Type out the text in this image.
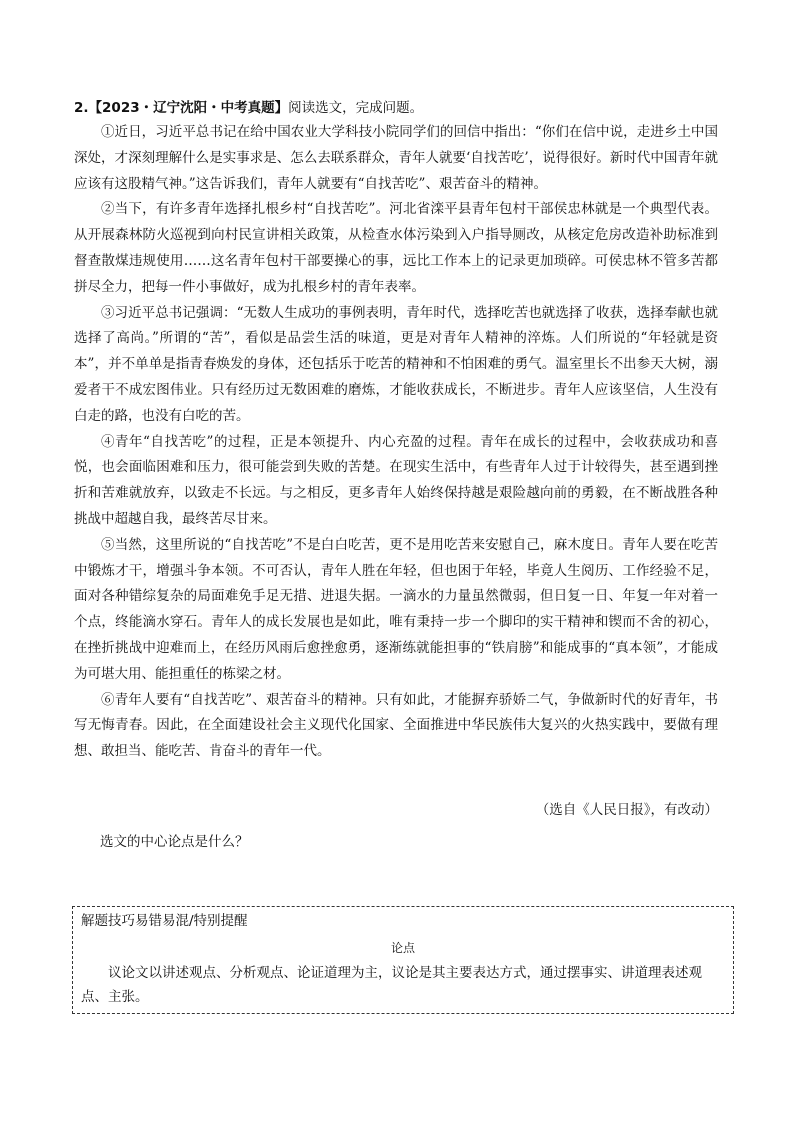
2.【2023・辽宁沈阳・中考真题】阅读选文，完成问题。

①近日，习近平总书记在给中国农业大学科技小院同学们的回信中指出：“你们在信中说，走进乡土中国深处，才深刻理解什么是实事求是、怎么去联系群众，青年人就要‘自找苦吃’，说得很好。新时代中国青年就应该有这股精气神。”这告诉我们，青年人就要有“自找苦吃”、艰苦奋斗的精神。

②当下，有许多青年选择扎根乡村“自找苦吃”。河北省滦平县青年包村干部侯忠林就是一个典型代表。从开展森林防火巡视到向村民宣讲相关政策，从检查水体污染到入户指导厕改，从核定危房改造补助标准到督查散煤违规使用……这名青年包村干部要操心的事，远比工作本上的记录更加琐碎。可侯忠林不管多苦都拼尽全力，把每一件小事做好，成为扎根乡村的青年表率。

③习近平总书记强调：“无数人生成功的事例表明，青年时代，选择吃苦也就选择了收获，选择奉献也就选择了高尚。”所谓的“苦”，看似是品尝生活的味道，更是对青年人精神的淬炼。人们所说的“年轻就是资本”，并不单单是指青春焕发的身体，还包括乐于吃苦的精神和不怕困难的勇气。温室里长不出参天大树，溺爱者干不成宏图伟业。只有经历过无数困难的磨炼，才能收获成长，不断进步。青年人应该坚信，人生没有白走的路，也没有白吃的苦。

④青年“自找苦吃”的过程，正是本领提升、内心充盈的过程。青年在成长的过程中，会收获成功和喜悦，也会面临困难和压力，很可能尝到失败的苦楚。在现实生活中，有些青年人过于计较得失，甚至遇到挫折和苦难就放弃，以致走不长远。与之相反，更多青年人始终保持越是艰险越向前的勇毅，在不断战胜各种挑战中超越自我，最终苦尽甘来。

⑤当然，这里所说的“自找苦吃”不是白白吃苦，更不是用吃苦来安慰自己，麻木度日。青年人要在吃苦中锻炼才干，增强斗争本领。不可否认，青年人胜在年轻，但也困于年轻，毕竟人生阅历、工作经验不足，面对各种错综复杂的局面难免手足无措、进退失据。一滴水的力量虽然微弱，但日复一日、年复一年对着一个点，终能滴水穿石。青年人的成长发展也是如此，唯有秉持一步一个脚印的实干精神和锲而不舍的初心，在挫折挑战中迎难而上，在经历风雨后愈挫愈勇，逐渐练就能担事的“铁肩膀”和能成事的“真本领”，才能成为可堪大用、能担重任的栋梁之材。

⑥青年人要有“自找苦吃”、艰苦奋斗的精神。只有如此，才能摒弃骄娇二气，争做新时代的好青年，书写无悔青春。因此，在全面建设社会主义现代化国家、全面推进中华民族伟大复兴的火热实践中，要做有理想、敢担当、能吃苦、肯奋斗的青年一代。

（选自《人民日报》，有改动）
选文的中心论点是什么？
解题技巧易错易混/特别提醒
论点
议论文以讲述观点、分析观点、论证道理为主，议论是其主要表达方式，通过摆事实、讲道理表述观点、主张。
